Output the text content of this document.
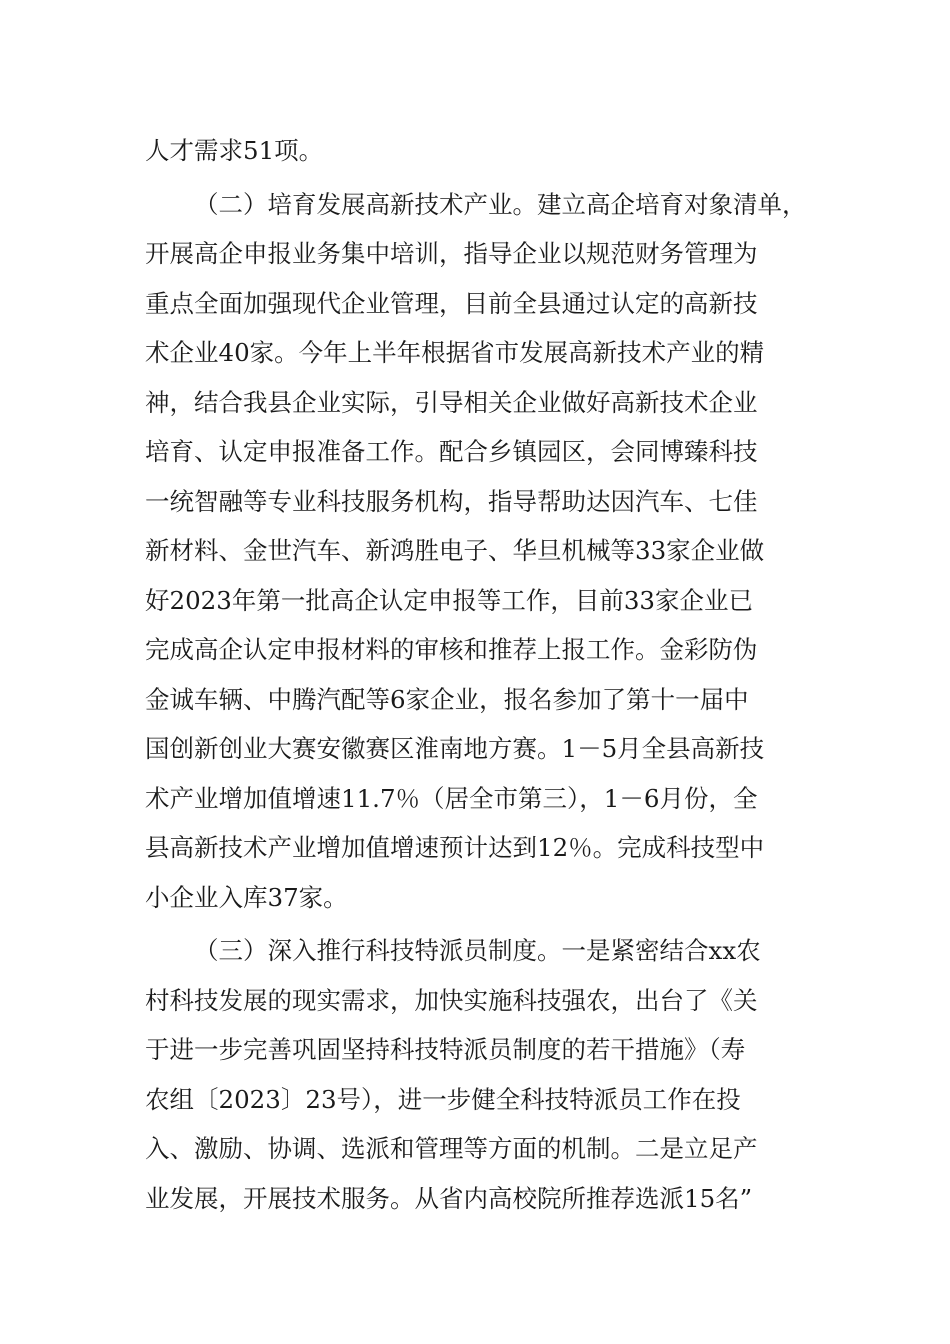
人才需求51项。
（二）培育发展高新技术产业。建立高企培育对象清单，
开展高企申报业务集中培训，指导企业以规范财务管理为
重点全面加强现代企业管理，目前全县通过认定的高新技
术企业40家。今年上半年根据省市发展高新技术产业的精
神，结合我县企业实际，引导相关企业做好高新技术企业
培育、认定申报准备工作。配合乡镇园区，会同博臻科技
一统智融等专业科技服务机构，指导帮助达因汽车、七佳
新材料、金世汽车、新鸿胜电子、华旦机械等33家企业做
好2023年第一批高企认定申报等工作，目前33家企业已
完成高企认定申报材料的审核和推荐上报工作。金彩防伪
金诚车辆、中腾汽配等6家企业，报名参加了第十一届中
国创新创业大赛安徽赛区淮南地方赛。1－5月全县高新技
术产业增加值增速11.7％（居全市第三），1－6月份，全
县高新技术产业增加值增速预计达到12％。完成科技型中
小企业入库37家。
（三）深入推行科技特派员制度。一是紧密结合xx农
村科技发展的现实需求，加快实施科技强农，出台了《关
于进一步完善巩固坚持科技特派员制度的若干措施》（寿
农组〔2023〕23号），进一步健全科技特派员工作在投
入、激励、协调、选派和管理等方面的机制。二是立足产
业发展，开展技术服务。从省内高校院所推荐选派15名”
